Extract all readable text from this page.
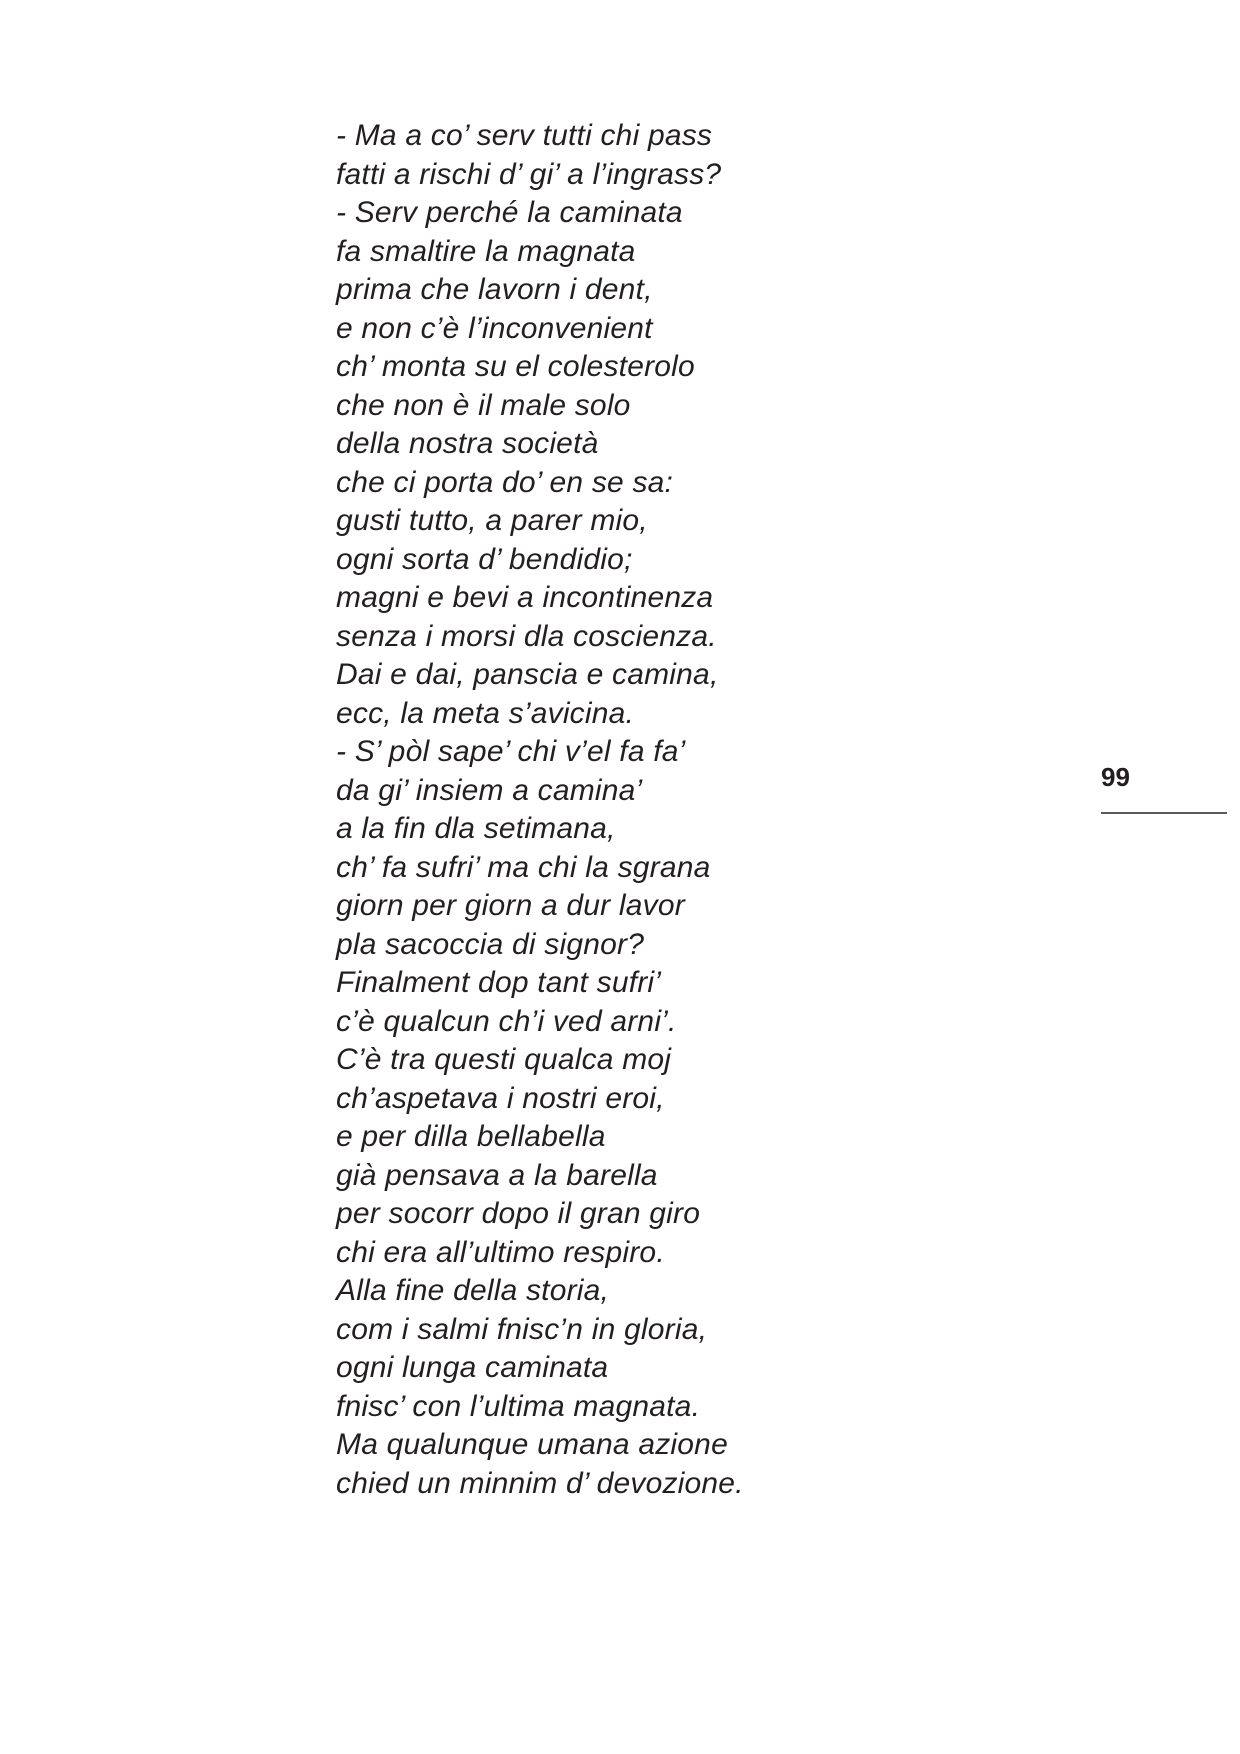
- Ma a co’ serv tutti chi pass
fatti a rischi d’ gi’ a l’ingrass?
- Serv perché la caminata
fa smaltire la magnata
prima che lavorn i dent,
e non c’è l’inconvenient
ch’ monta su el colesterolo
che non è il male solo
della nostra società
che ci porta do’ en se sa:
gusti tutto, a parer mio,
ogni sorta d’ bendidio;
magni e bevi a incontinenza
senza i morsi dla coscienza.
Dai e dai, panscia e camina,
ecc, la meta s’avicina.
- S’ pòl sape’ chi v’el fa fa’
da gi’ insiem a camina’
a la fin dla setimana,
ch’ fa sufri’ ma chi la sgrana
giorn per giorn a dur lavor
pla sacoccia di signor?
Finalment dop tant sufri’
c’è qualcun ch’i ved arni’.
C’è tra questi qualca moj
ch’aspetava i nostri eroi,
e per dilla bellabella
già pensava a la barella
per socorr dopo il gran giro
chi era all’ultimo respiro.
Alla fine della storia,
com i salmi fnisc’n in gloria,
ogni lunga caminata
fnisc’ con l’ultima magnata.
Ma qualunque umana azione
chied un minnim d’ devozione.
99
